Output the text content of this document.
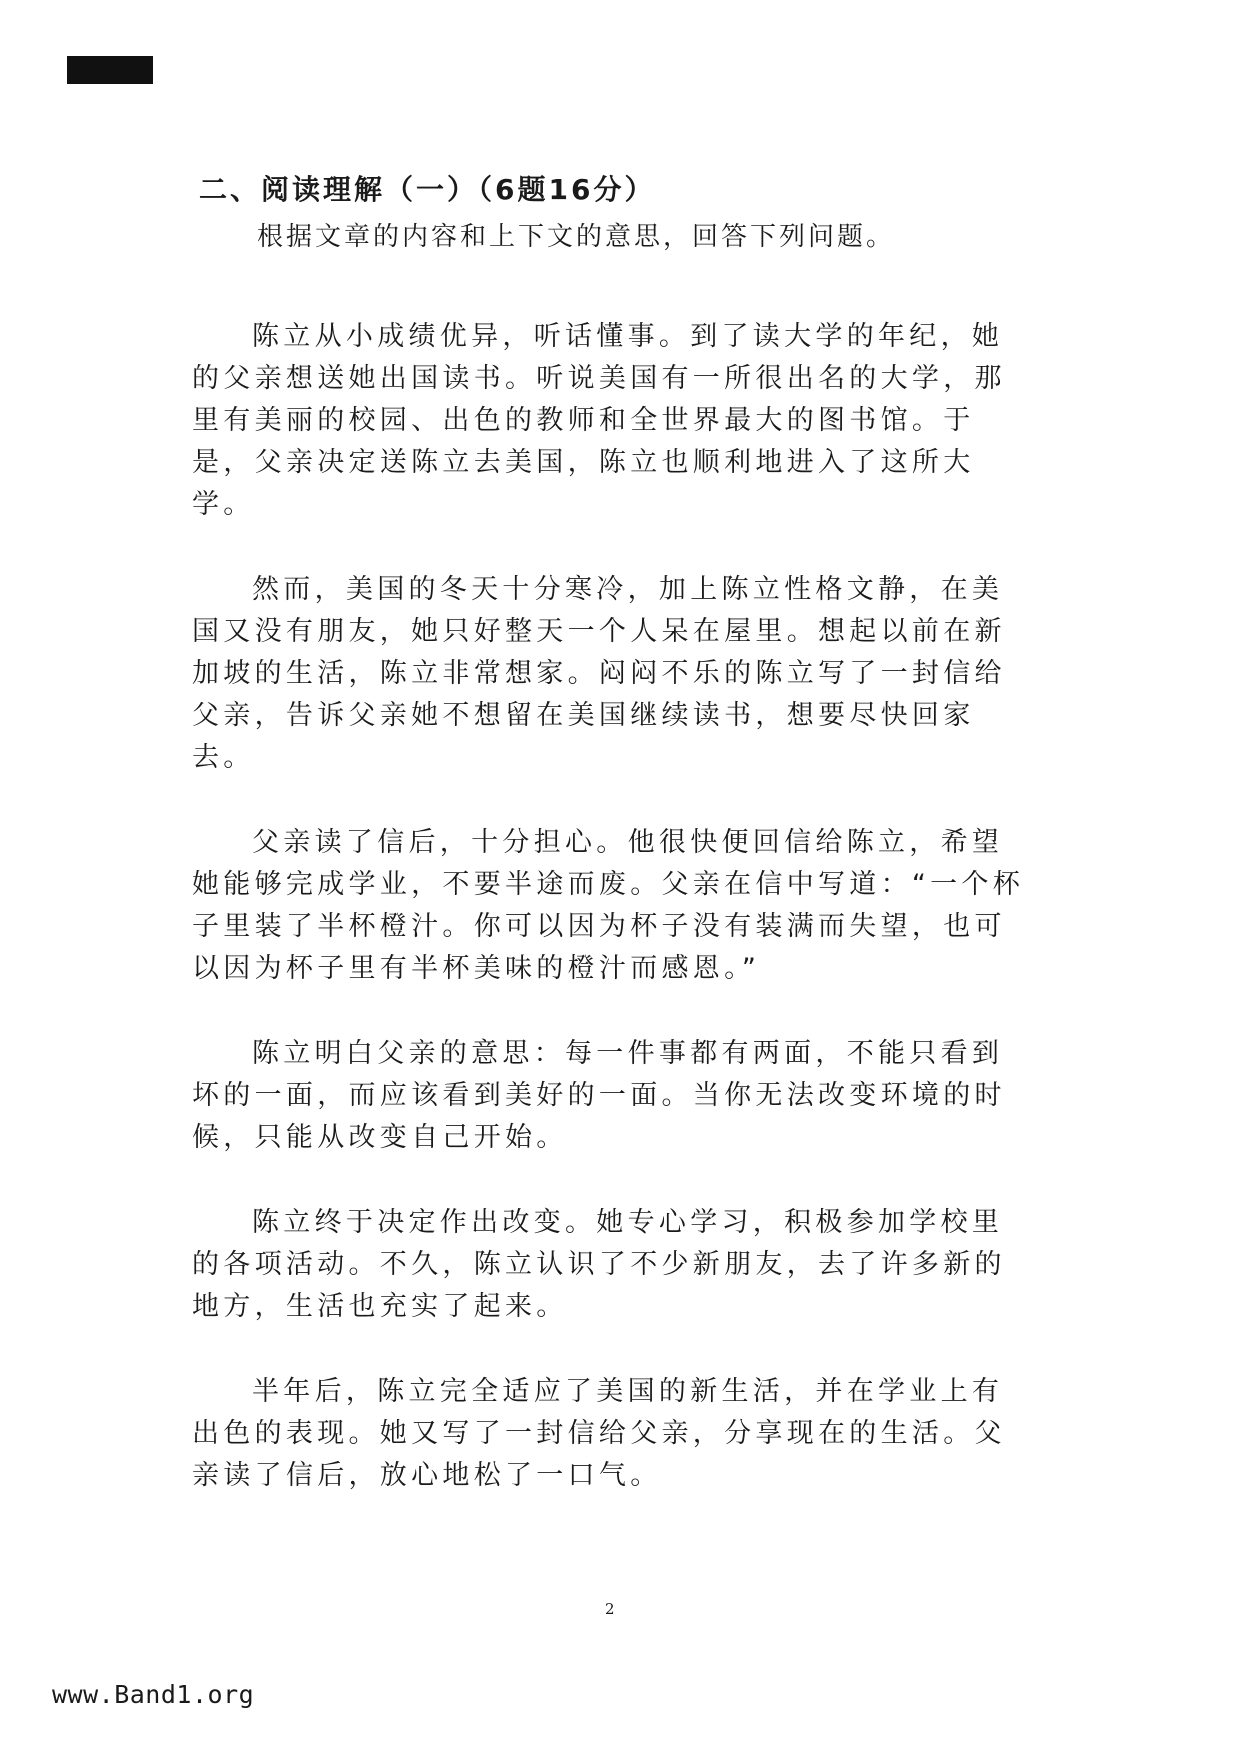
二、阅读理解（一）（6题16分）

根据文章的内容和上下文的意思，回答下列问题。

陈立从小成绩优异，听话懂事。到了读大学的年纪，她的父亲想送她出国读书。听说美国有一所很出名的大学，那里有美丽的校园、出色的教师和全世界最大的图书馆。于是，父亲决定送陈立去美国，陈立也顺利地进入了这所大学。

然而，美国的冬天十分寒冷，加上陈立性格文静，在美国又没有朋友，她只好整天一个人呆在屋里。想起以前在新加坡的生活，陈立非常想家。闷闷不乐的陈立写了一封信给父亲，告诉父亲她不想留在美国继续读书，想要尽快回家去。

父亲读了信后，十分担心。他很快便回信给陈立，希望她能够完成学业，不要半途而废。父亲在信中写道：“一个杯子里装了半杯橙汁。你可以因为杯子没有装满而失望，也可以因为杯子里有半杯美味的橙汁而感恩。”

陈立明白父亲的意思：每一件事都有两面，不能只看到坏的一面，而应该看到美好的一面。当你无法改变环境的时候，只能从改变自己开始。

陈立终于决定作出改变。她专心学习，积极参加学校里的各项活动。不久，陈立认识了不少新朋友，去了许多新的地方，生活也充实了起来。

半年后，陈立完全适应了美国的新生活，并在学业上有出色的表现。她又写了一封信给父亲，分享现在的生活。父亲读了信后，放心地松了一口气。

2
www.Band1.org
